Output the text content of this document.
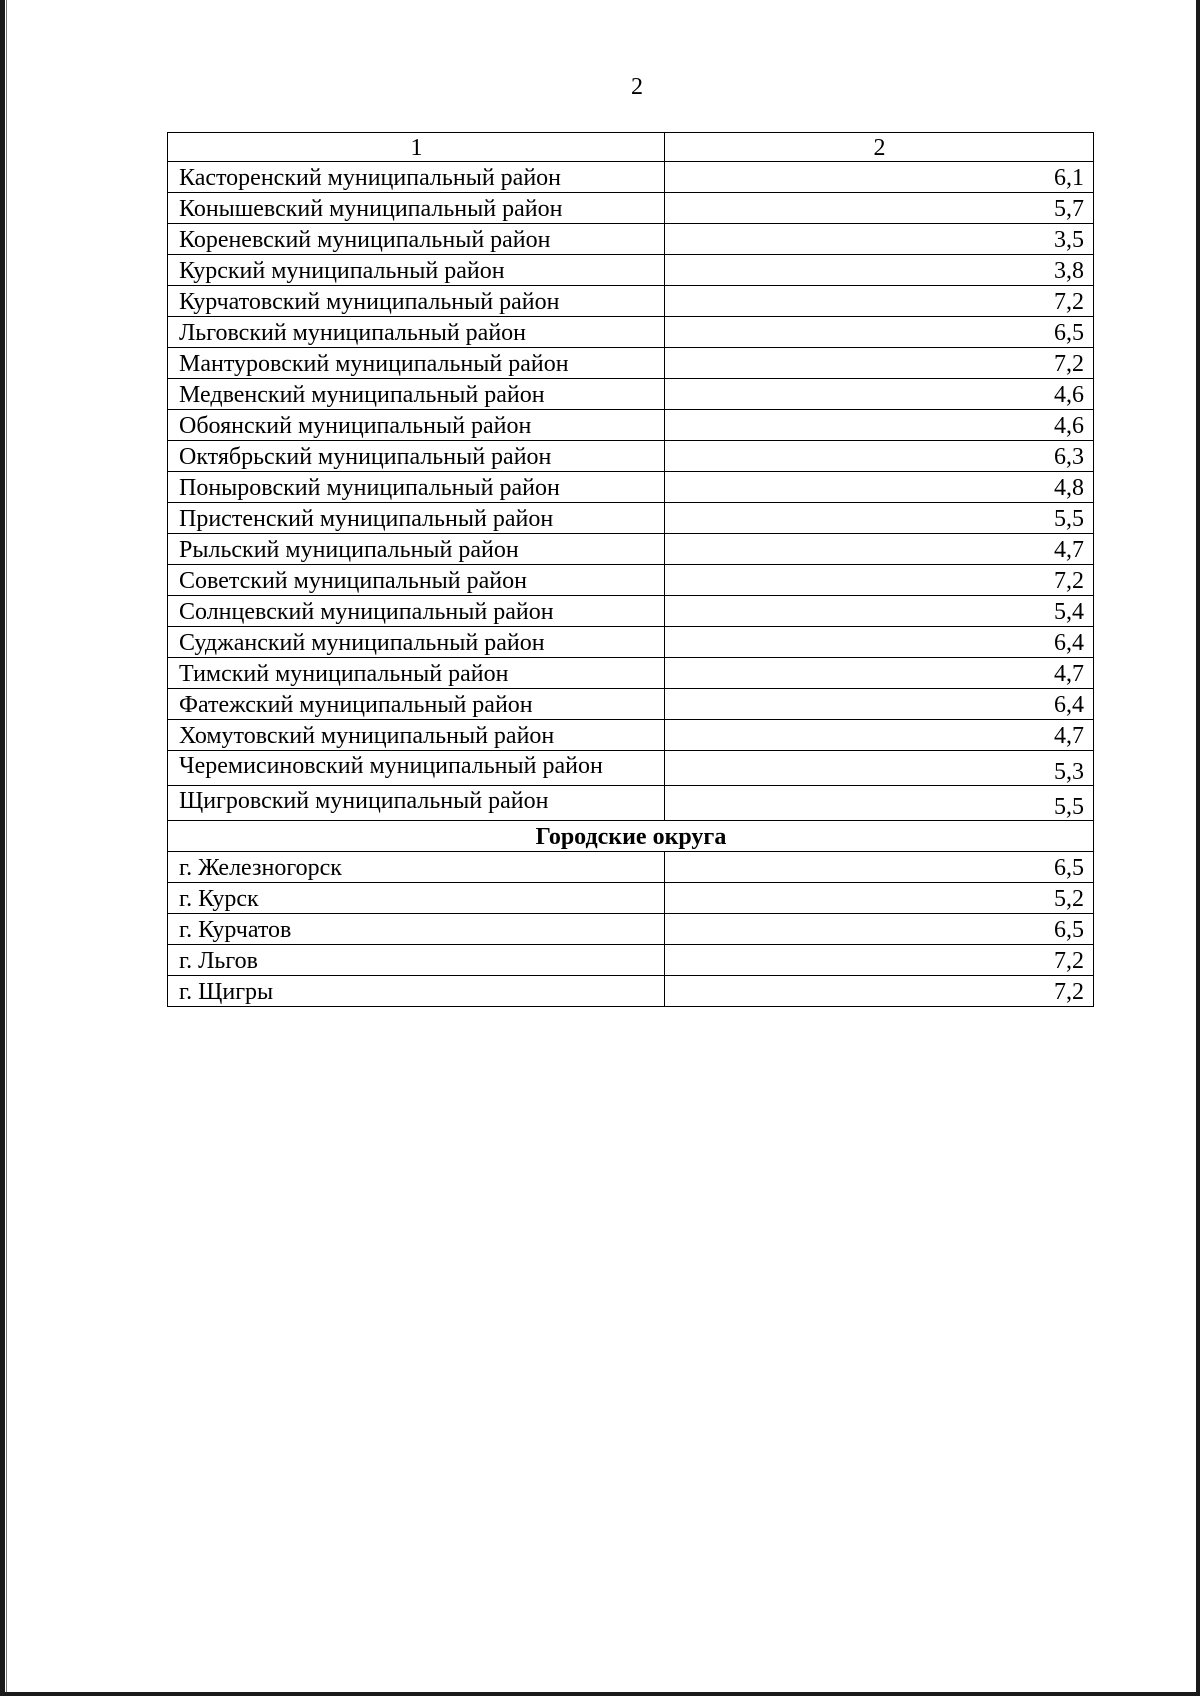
2
1	2
Касторенский муниципальный район	6,1
Конышевский муниципальный район	5,7
Кореневский муниципальный район	3,5
Курский муниципальный район	3,8
Курчатовский муниципальный район	7,2
Льговский муниципальный район	6,5
Мантуровский муниципальный район	7,2
Медвенский муниципальный район	4,6
Обоянский муниципальный район	4,6
Октябрьский муниципальный район	6,3
Поныровский муниципальный район	4,8
Пристенский муниципальный район	5,5
Рыльский муниципальный район	4,7
Советский муниципальный район	7,2
Солнцевский муниципальный район	5,4
Суджанский муниципальный район	6,4
Тимский муниципальный район	4,7
Фатежский муниципальный район	6,4
Хомутовский муниципальный район	4,7
Черемисиновский муниципальный район	5,3
Щигровский муниципальный район	5,5
Городские округа	
г. Железногорск	6,5
г. Курск	5,2
г. Курчатов	6,5
г. Льгов	7,2
г. Щигры	7,2
